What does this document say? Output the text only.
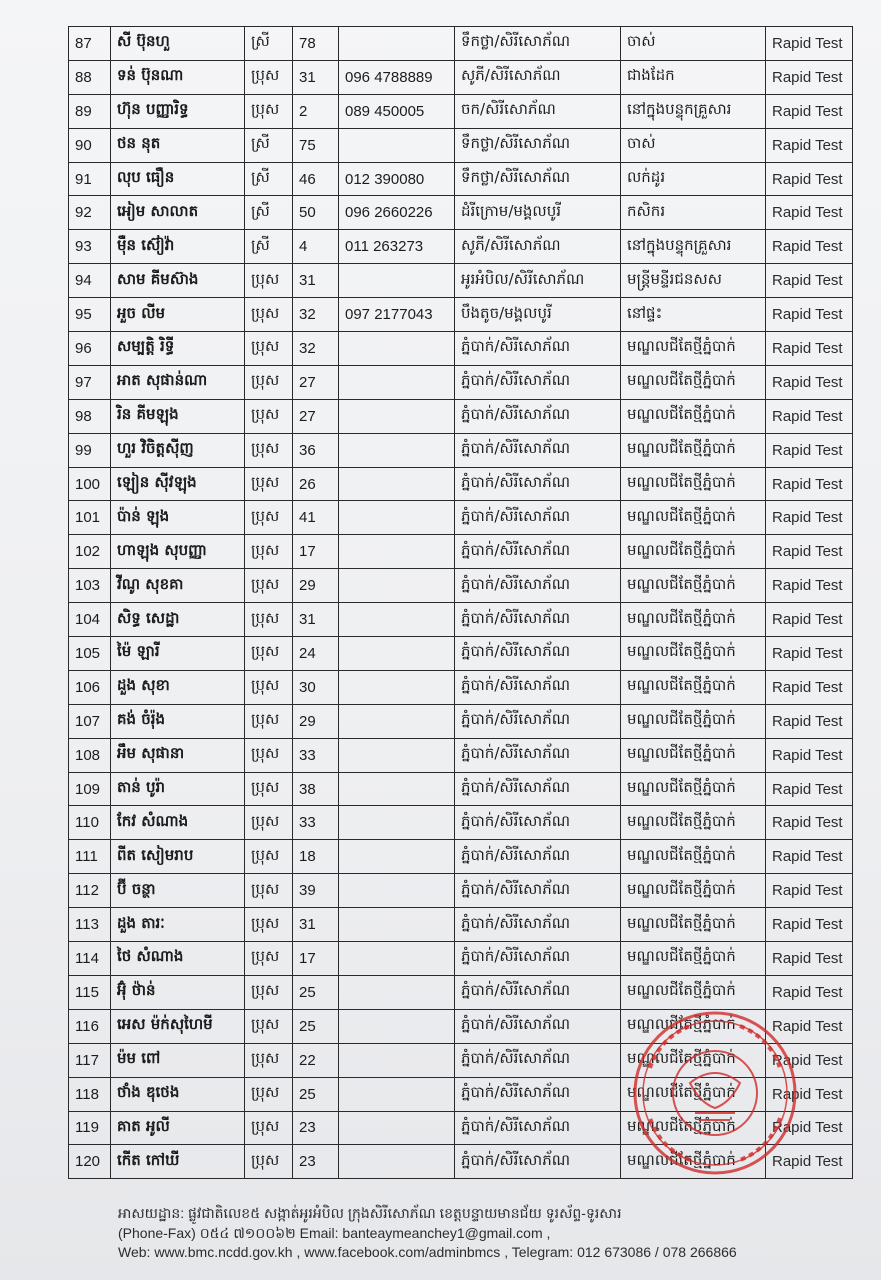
87	សី ប៊ុនហួ	ស្រី	78		ទឹកថ្លា/សិរីសោភ័ណ	ចាស់	Rapid Test
88	ទន់ ប៊ុនណា	ប្រុស	31	096 4788889	សូភី/សិរីសោភ័ណ	ជាងដែក	Rapid Test
89	ហ៊ុន បញ្ញារិទ្ធ	ប្រុស	2	089 450005	ចក/សិរីសោភ័ណ	នៅក្នុងបន្ទុកគ្រួសារ	Rapid Test
90	ថន នុត	ស្រី	75		ទឹកថ្លា/សិរីសោភ័ណ	ចាស់	Rapid Test
91	លុប ធឿន	ស្រី	46	012 390080	ទឹកថ្លា/សិរីសោភ័ណ	លក់ដូរ	Rapid Test
92	អៀម សាលាត	ស្រី	50	096 2660226	ដំរីក្រោម/មង្គលបូរី	កសិករ	Rapid Test
93	មុឺន ស៊ៀវ៉ា	ស្រី	4	011 263273	សូភី/សិរីសោភ័ណ	នៅក្នុងបន្ទុកគ្រួសារ	Rapid Test
94	សាម គីមស៊ាង	ប្រុស	31		អូរអំបិល/សិរីសោភ័ណ	មន្ត្រីមន្ទីរជនសស	Rapid Test
95	អួច លីម	ប្រុស	32	097 2177043	បឹងតូច/មង្គលបូរី	នៅផ្ទះ	Rapid Test
96	សម្បត្តិ រិទ្ធី	ប្រុស	32		ភ្នំបាក់/សិរីសោភ័ណ	មណ្ឌលជីតែថ្មីភ្នំបាក់	Rapid Test
97	អាត សុផាន់ណា	ប្រុស	27		ភ្នំបាក់/សិរីសោភ័ណ	មណ្ឌលជីតែថ្មីភ្នំបាក់	Rapid Test
98	រិន គីមឡុង	ប្រុស	27		ភ្នំបាក់/សិរីសោភ័ណ	មណ្ឌលជីតែថ្មីភ្នំបាក់	Rapid Test
99	ហួរ វិចិត្តស៊ីញ	ប្រុស	36		ភ្នំបាក់/សិរីសោភ័ណ	មណ្ឌលជីតែថ្មីភ្នំបាក់	Rapid Test
100	ឡៀន ស៊ីវឡុង	ប្រុស	26		ភ្នំបាក់/សិរីសោភ័ណ	មណ្ឌលជីតែថ្មីភ្នំបាក់	Rapid Test
101	ប៉ាន់ ឡុង	ប្រុស	41		ភ្នំបាក់/សិរីសោភ័ណ	មណ្ឌលជីតែថ្មីភ្នំបាក់	Rapid Test
102	ហាឡុង សុបញ្ញា	ប្រុស	17		ភ្នំបាក់/សិរីសោភ័ណ	មណ្ឌលជីតែថ្មីភ្នំបាក់	Rapid Test
103	វីណូ សុខគា	ប្រុស	29		ភ្នំបាក់/សិរីសោភ័ណ	មណ្ឌលជីតែថ្មីភ្នំបាក់	Rapid Test
104	សិទ្ធ សេដ្ឋា	ប្រុស	31		ភ្នំបាក់/សិរីសោភ័ណ	មណ្ឌលជីតែថ្មីភ្នំបាក់	Rapid Test
105	ម៉ៃ ឡារី	ប្រុស	24		ភ្នំបាក់/សិរីសោភ័ណ	មណ្ឌលជីតែថ្មីភ្នំបាក់	Rapid Test
106	ដួង សុខា	ប្រុស	30		ភ្នំបាក់/សិរីសោភ័ណ	មណ្ឌលជីតែថ្មីភ្នំបាក់	Rapid Test
107	គង់ ចំរ៉ុង	ប្រុស	29		ភ្នំបាក់/សិរីសោភ័ណ	មណ្ឌលជីតែថ្មីភ្នំបាក់	Rapid Test
108	អឹម សុផានា	ប្រុស	33		ភ្នំបាក់/សិរីសោភ័ណ	មណ្ឌលជីតែថ្មីភ្នំបាក់	Rapid Test
109	តាន់ បូរ៉ា	ប្រុស	38		ភ្នំបាក់/សិរីសោភ័ណ	មណ្ឌលជីតែថ្មីភ្នំបាក់	Rapid Test
110	កែវ សំណាង	ប្រុស	33		ភ្នំបាក់/សិរីសោភ័ណ	មណ្ឌលជីតែថ្មីភ្នំបាក់	Rapid Test
111	ពីត សៀមរាប	ប្រុស	18		ភ្នំបាក់/សិរីសោភ័ណ	មណ្ឌលជីតែថ្មីភ្នំបាក់	Rapid Test
112	ប៊ី ចន្ថា	ប្រុស	39		ភ្នំបាក់/សិរីសោភ័ណ	មណ្ឌលជីតែថ្មីភ្នំបាក់	Rapid Test
113	ដួង តារៈ	ប្រុស	31		ភ្នំបាក់/សិរីសោភ័ណ	មណ្ឌលជីតែថ្មីភ្នំបាក់	Rapid Test
114	ថៃ សំណាង	ប្រុស	17		ភ្នំបាក់/សិរីសោភ័ណ	មណ្ឌលជីតែថ្មីភ្នំបាក់	Rapid Test
115	អ៊ុំ ថ៉ាន់	ប្រុស	25		ភ្នំបាក់/សិរីសោភ័ណ	មណ្ឌលជីតែថ្មីភ្នំបាក់	Rapid Test
116	អេស ម៉ក់សុហៃមី	ប្រុស	25		ភ្នំបាក់/សិរីសោភ័ណ	មណ្ឌលជីតែថ្មីភ្នំបាក់	Rapid Test
117	ម៉ម ពៅ	ប្រុស	22		ភ្នំបាក់/សិរីសោភ័ណ	មណ្ឌលជីតែថ្មីភ្នំបាក់	Rapid Test
118	ថាំង ឌុថេង	ប្រុស	25		ភ្នំបាក់/សិរីសោភ័ណ	មណ្ឌលជីតែថ្មីភ្នំបាក់	Rapid Test
119	គាត អូលី	ប្រុស	23		ភ្នំបាក់/សិរីសោភ័ណ	មណ្ឌលជីតែថ្មីភ្នំបាក់	Rapid Test
120	កើត កៅឃី	ប្រុស	23		ភ្នំបាក់/សិរីសោភ័ណ	មណ្ឌលជីតែថ្មីភ្នំបាក់	Rapid Test
អាសយដ្ឋាន: ផ្លូវជាតិលេខ៥ សង្កាត់អូរអំបិល ក្រុងសិរីសោភ័ណ ខេត្តបន្ទាយមានជ័យ ទូរស័ព្ទ-ទូរសារ
(Phone-Fax) ០៥៤ ៧១០០៦២ Email: banteaymeanchey1@gmail.com ,
Web: www.bmc.ncdd.gov.kh , www.facebook.com/adminbmcs , Telegram: 012 673086 / 078 266866
